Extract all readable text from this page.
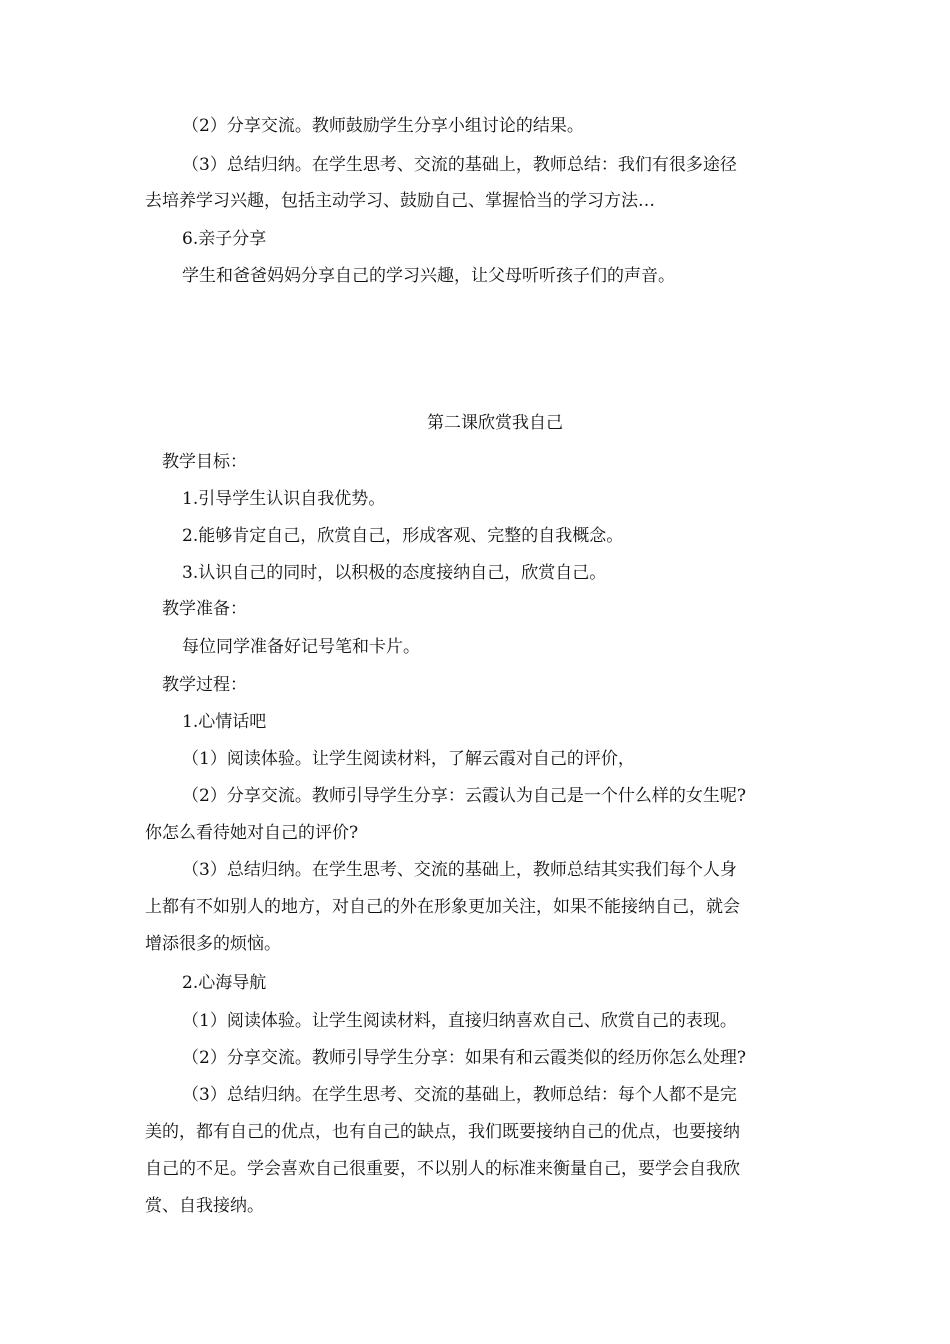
（2）分享交流。教师鼓励学生分享小组讨论的结果。
（3）总结归纳。在学生思考、交流的基础上，教师总结：我们有很多途径
去培养学习兴趣，包括主动学习、鼓励自己、掌握恰当的学习方法…
6.亲子分享
学生和爸爸妈妈分享自己的学习兴趣，让父母听听孩子们的声音。
第二课欣赏我自己
教学目标：
1.引导学生认识自我优势。
2.能够肯定自己，欣赏自己，形成客观、完整的自我概念。
3.认识自己的同时，以积极的态度接纳自己，欣赏自己。
教学准备：
每位同学准备好记号笔和卡片。
教学过程：
1.心情话吧
（1）阅读体验。让学生阅读材料，了解云霞对自己的评价，
（2）分享交流。教师引导学生分享：云霞认为自己是一个什么样的女生呢?
你怎么看待她对自己的评价?
（3）总结归纳。在学生思考、交流的基础上，教师总结其实我们每个人身
上都有不如别人的地方，对自己的外在形象更加关注，如果不能接纳自己，就会
增添很多的烦恼。
2.心海导航
（1）阅读体验。让学生阅读材料，直接归纳喜欢自己、欣赏自己的表现。
（2）分享交流。教师引导学生分享：如果有和云霞类似的经历你怎么处理?
（3）总结归纳。在学生思考、交流的基础上，教师总结：每个人都不是完
美的，都有自己的优点，也有自己的缺点，我们既要接纳自己的优点，也要接纳
自己的不足。学会喜欢自己很重要，不以别人的标准来衡量自己，要学会自我欣
赏、自我接纳。
